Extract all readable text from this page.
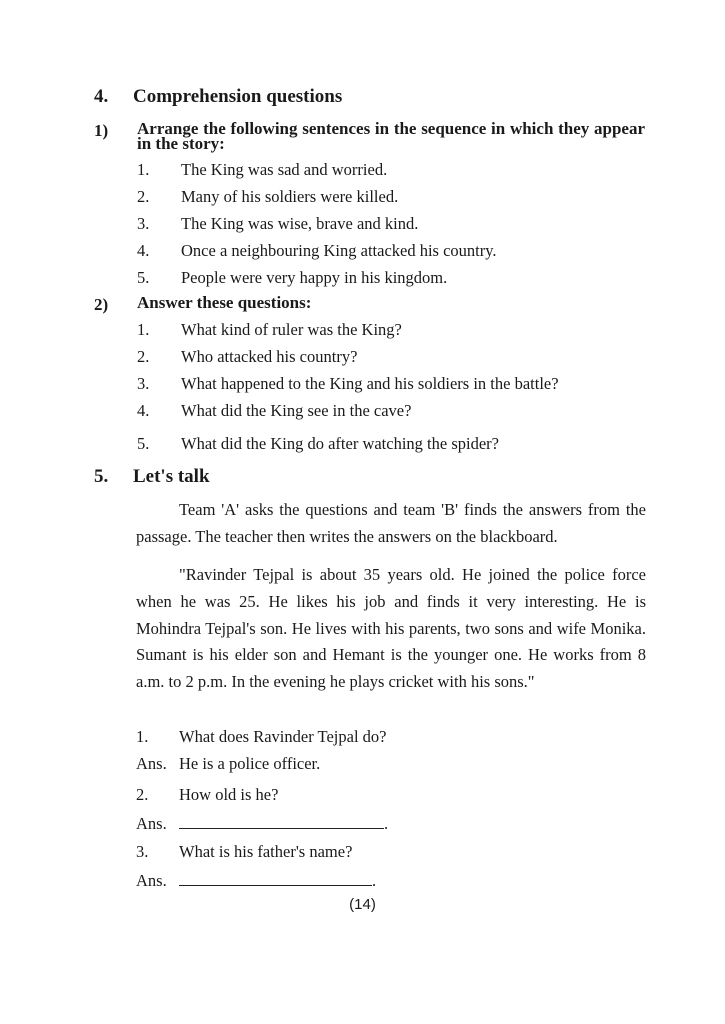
4. Comprehension questions
1) Arrange the following sentences in the sequence in which they appear in the story:
1. The King was sad and worried.
2. Many of his soldiers were killed.
3. The King was wise, brave and kind.
4. Once a neighbouring King attacked his country.
5. People were very happy in his kingdom.
2) Answer these questions:
1. What kind of ruler was the King?
2. Who attacked his country?
3. What happened to the King and his soldiers in the battle?
4. What did the King see in the cave?
5. What did the King do after watching the spider?
5. Let's talk
Team 'A' asks the questions and team 'B' finds the answers from the passage. The teacher then writes the answers on the blackboard.
"Ravinder Tejpal is about 35 years old. He joined the police force when he was 25. He likes his job and finds it very interesting. He is Mohindra Tejpal's son. He lives with his parents, two sons and wife Monika. Sumant is his elder son and Hemant is the younger one. He works from 8 a.m. to 2 p.m. In the evening he plays cricket with his sons."
1. What does Ravinder Tejpal do?
Ans. He is a police officer.
2. How old is he?
Ans.	.
3. What is his father's name?
Ans.	.
(14)
